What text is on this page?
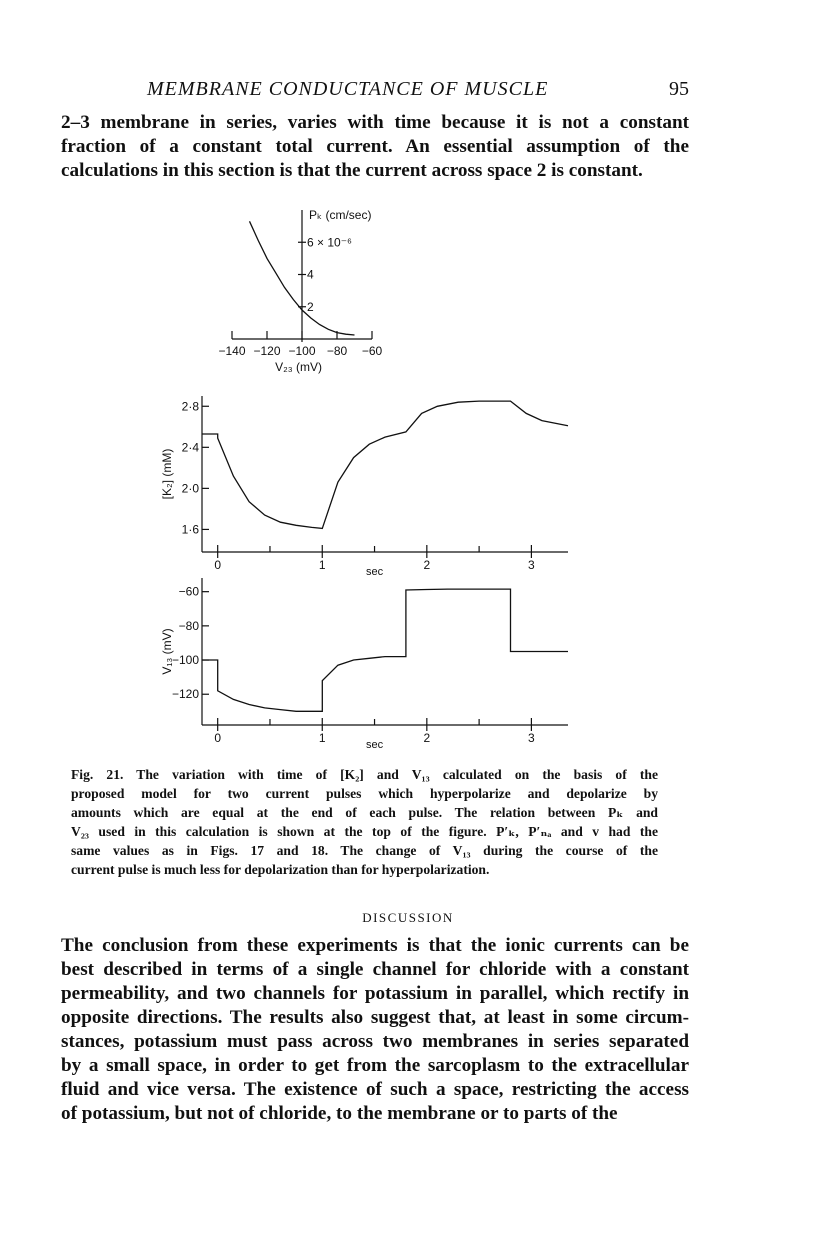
MEMBRANE CONDUCTANCE OF MUSCLE	95

2–3 membrane in series, varies with time because it is not a constant
fraction of a constant total current. An essential assumption of the
calculations in this section is that the current across space 2 is constant.

−140 −120 −100 −80 −60
6 × 10⁻⁶
4
2
Pₖ (cm/sec)
V₂₃ (mV)
2·8
2·4
2·0
1·6
0	1	2	3
sec
[K₂] (mM)
−60
−80
−100
−120
0	1	2	3
sec
V₁₃ (mV)

Fig. 21. The variation with time of [K₂] and V₁₃ calculated on the basis of the
proposed model for two current pulses which hyperpolarize and depolarize by
amounts which are equal at the end of each pulse. The relation between Pₖ and
V₂₃ used in this calculation is shown at the top of the figure. P′ₖ, P′ₙₐ and v had the
same values as in Figs. 17 and 18. The change of V₁₃ during the course of the
current pulse is much less for depolarization than for hyperpolarization.

DISCUSSION

The conclusion from these experiments is that the ionic currents can be
best described in terms of a single channel for chloride with a constant
permeability, and two channels for potassium in parallel, which rectify in
opposite directions. The results also suggest that, at least in some circum-
stances, potassium must pass across two membranes in series separated
by a small space, in order to get from the sarcoplasm to the extracellular
fluid and vice versa. The existence of such a space, restricting the access
of potassium, but not of chloride, to the membrane or to parts of the
